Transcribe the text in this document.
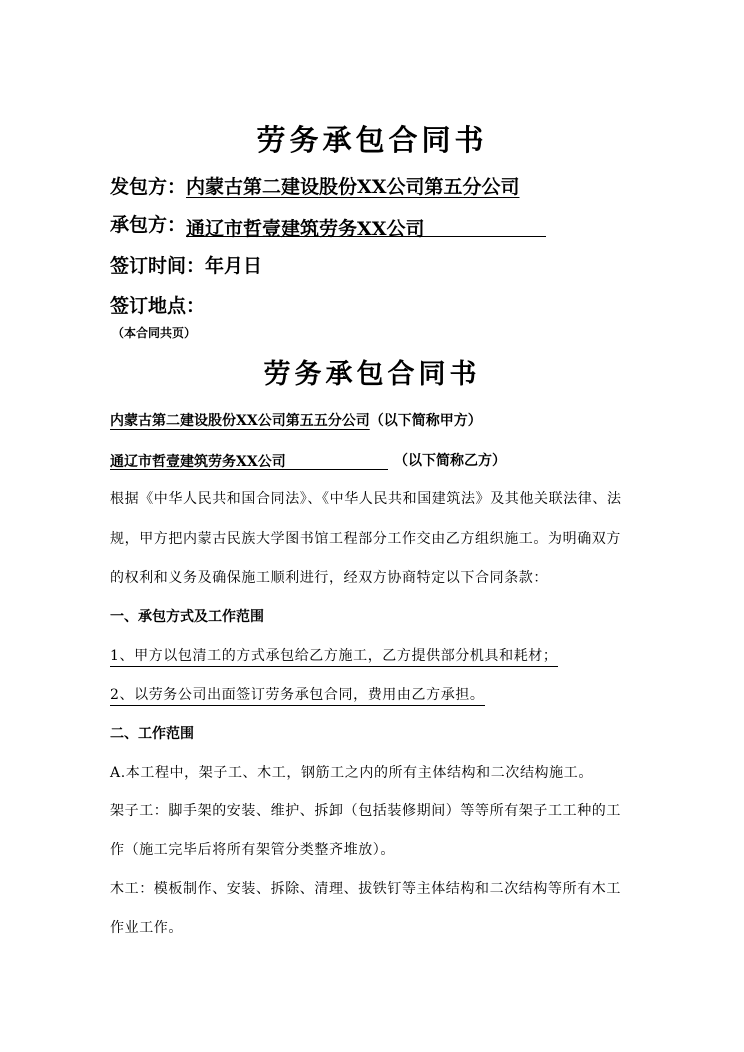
劳务承包合同书
发包方：内蒙古第二建设股份XX公司第五分公司
承包方：通辽市哲壹建筑劳务XX公司
签订时间：年月日
签订地点：
（本合同共页）
劳务承包合同书
内蒙古第二建设股份XX公司第五五分公司（以下简称甲方）
通辽市哲壹建筑劳务XX公司	（以下简称乙方）
根据《中华人民共和国合同法》、《中华人民共和国建筑法》及其他关联法律、法
规，甲方把内蒙古民族大学图书馆工程部分工作交由乙方组织施工。为明确双方
的权利和义务及确保施工顺利进行，经双方协商特定以下合同条款：
一、承包方式及工作范围
1、甲方以包清工的方式承包给乙方施工，乙方提供部分机具和耗材；
2、以劳务公司出面签订劳务承包合同，费用由乙方承担。
二、工作范围
A.本工程中，架子工、木工，钢筋工之内的所有主体结构和二次结构施工。
架子工：脚手架的安装、维护、拆卸（包括装修期间）等等所有架子工工种的工
作（施工完毕后将所有架管分类整齐堆放）。
木工：模板制作、安装、拆除、清理、拔铁钉等主体结构和二次结构等所有木工
作业工作。
